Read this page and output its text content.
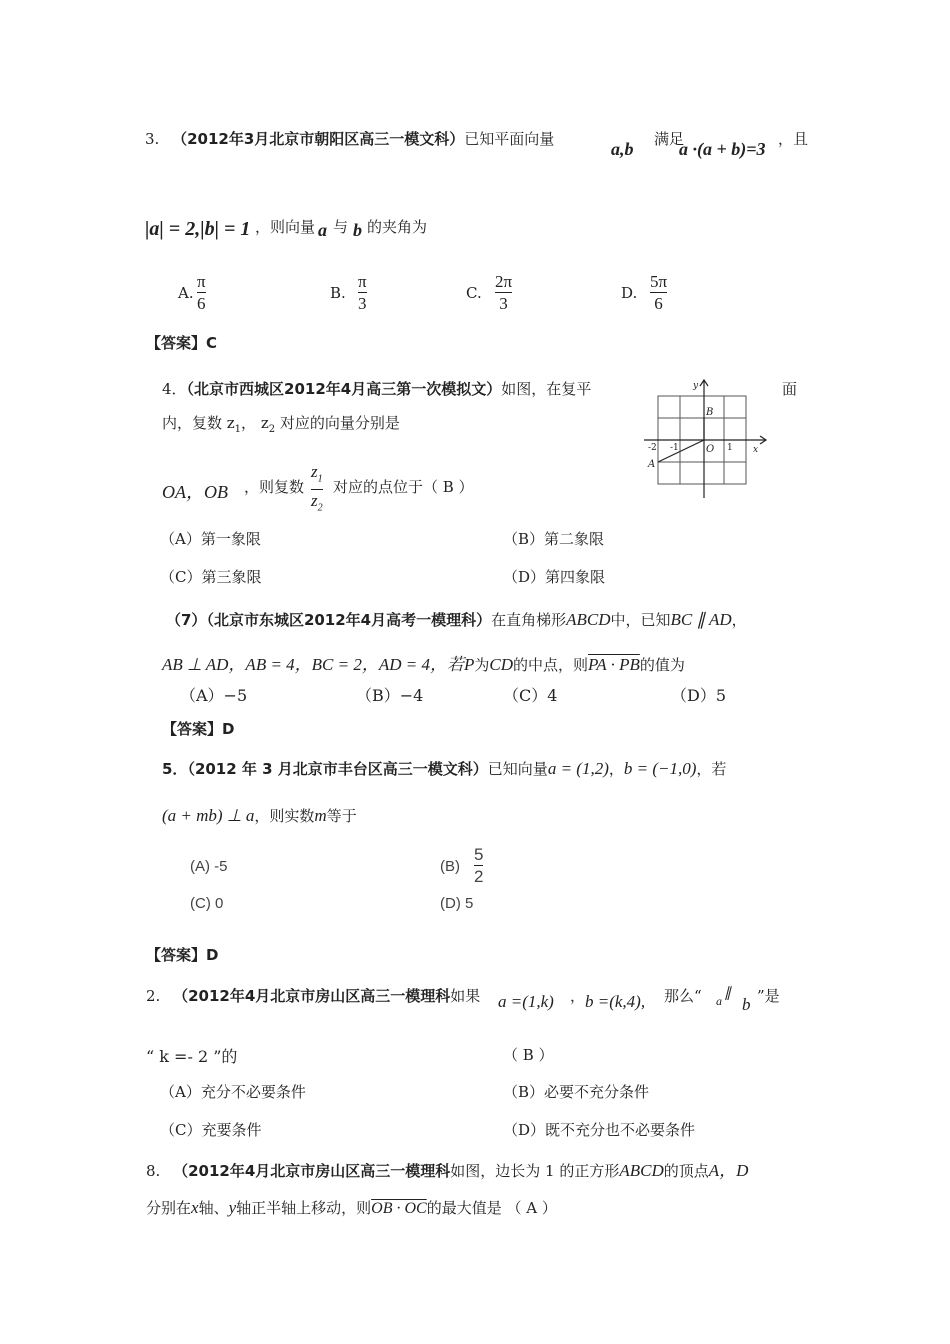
3. （2012年3月北京市朝阳区高三一模文科）已知平面向量	a,b 满足
a ·(a + b)=3 ，且
|a| = 2,|b| = 1 ，则向量 a 与 b 的夹角为
A.
π
6
B.
π
3
C.
2π
3
D.
5π
6
【答案】C
4．（北京市西城区2012年4月高三第一次模拟文）如图，在复平	面
内，复数 $z_1$， $z_2$ 对应的向量分别是
OA，OB ，则复数
$z_1$
$z_2$
对应的点位于（ B ）
y
x
O
B
A
-2 -1	1
（A）第一象限	（B）第二象限
（C）第三象限	（D）第四象限
（7）（北京市东城区2012年4月高考一模理科）在直角梯形ABCD中，已知BC ∥ AD，
AB ⊥ AD，AB = 4，BC = 2，AD = 4，若P为CD的中点，则PA · PB的值为
（A）−5	（B）−4	（C）4	（D）5
【答案】D
5．（2012 年 3 月北京市丰台区高三一模文科）已知向量a = (1,2)，b = (−1,0)，若
(a + mb) ⊥ a，则实数m等于
(A) -5	(B)
5
2
(C) 0	(D) 5
【答案】D
2. （2012年4月北京市房山区高三一模理科如果 a =(1,k) ， b =(k,4), 那么“ a ∥
b ”是
“ k =- 2 ”的	（ B ）
（A）充分不必要条件	（B）必要不充分条件
（C）充要条件	（D）既不充分也不必要条件
8. （2012年4月北京市房山区高三一模理科如图，边长为 1 的正方形ABCD的顶点A，D
分别在x轴、y轴正半轴上移动，则OB · OC的最大值是 （ A ）
